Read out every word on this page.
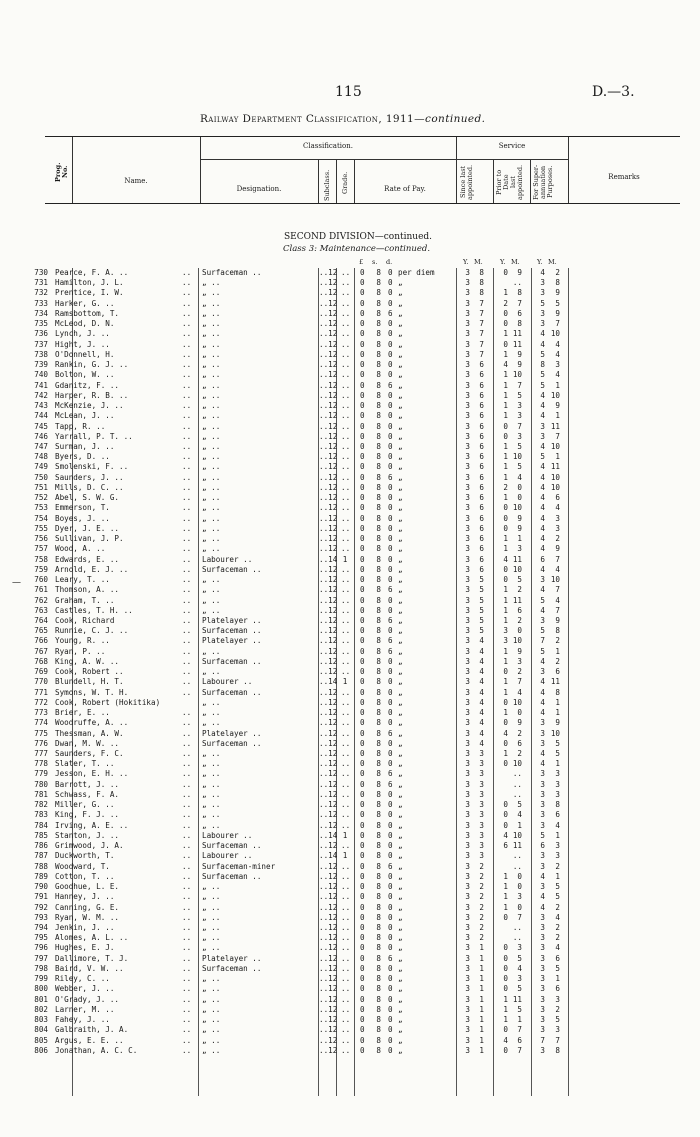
115	D.—3.
Railway Department Classification, 1911—continued.
Prog. No.
Name.
Classification.
Designation.	Subclass. Grade.	Rate of Pay.
Service
Since last
appointed.	Prior to Date
last
appointed. For Super-
annuation
Purposes.	Remarks
SECOND DIVISION—continued.
Class 3: Maintenance—continued.
£ s. d.	Y. M.	Y. M.	Y. M.
—
730 Pearce, F. A. ..	.. Surfaceman ..	..12 .. 0	8 0 per diem	3	8	0	9	4	2
731 Hamilton, J. L.	.. „ ..	..12 .. 0	8 0 „	3	8	..	3	8
732 Prentice, I. W.	.. „ ..	..12 .. 0	8 0 „	3	8	1	8	3	9
733 Harker, G. ..	.. „ ..	..12 .. 0	8 0 „	3	7	2	7	5	5
734 Ramsbottom, T.	.. „ ..	..12 .. 0	8 6 „	3	7	0	6	3	9
735 McLeod, D. N.	.. „ ..	..12 .. 0	8 0 „	3	7	0	8	3	7
736 Lynch, J. ..	.. „ ..	..12 .. 0	8 0 „	3	7	1 11	4 10
737 Hight, J. ..	.. „ ..	..12 .. 0	8 0 „	3	7	0 11	4	4
738 O'Donnell, H.	.. „ ..	..12 .. 0	8 0 „	3	7	1	9	5	4
739 Rankin, G. J. ..	.. „ ..	..12 .. 0	8 0 „	3	6	4	9	8	3
740 Bolton, W. ..	.. „ ..	..12 .. 0	8 0 „	3	6	1 10	5	4
741 Gdanitz, F. ..	.. „ ..	..12 .. 0	8 6 „	3	6	1	7	5	1
742 Harper, R. B. ..	.. „ ..	..12 .. 0	8 0 „	3	6	1	5	4 10
743 McKenzie, J. ..	.. „ ..	..12 .. 0	8 0 „	3	6	1	3	4	9
744 McLean, J. ..	.. „ ..	..12 .. 0	8 0 „	3	6	1	3	4	1
745 Tapp, R. ..	.. „ ..	..12 .. 0	8 0 „	3	6	0	7	3 11
746 Yarrall, P. T. ..	.. „ ..	..12 .. 0	8 0 „	3	6	0	3	3	7
747 Surman, J. ..	.. „ ..	..12 .. 0	8 0 „	3	6	1	5	4 10
748 Byers, D. ..	.. „ ..	..12 .. 0	8 0 „	3	6	1 10	5	1
749 Smolenski, F. ..	.. „ ..	..12 .. 0	8 0 „	3	6	1	5	4 11
750 Saunders, J. ..	.. „ ..	..12 .. 0	8 6 „	3	6	1	4	4 10
751 Mills, D. C. ..	.. „ ..	..12 .. 0	8 0 „	3	6	2	0	4 10
752 Abel, S. W. G.	.. „ ..	..12 .. 0	8 0 „	3	6	1	0	4	6
753 Emmerson, T.	.. „ ..	..12 .. 0	8 0 „	3	6	0 10	4	4
754 Boyes, J. ..	.. „ ..	..12 .. 0	8 0 „	3	6	0	9	4	3
755 Dyer, J. E. ..	.. „ ..	..12 .. 0	8 0 „	3	6	0	9	4	3
756 Sullivan, J. P.	.. „ ..	..12 .. 0	8 0 „	3	6	1	1	4	2
757 Wood, A. ..	.. „ ..	..12 .. 0	8 0 „	3	6	1	3	4	9
758 Edwards, E. ..	.. Labourer ..	..14 1 0	8 0 „	3	6	4 11	6	7
759 Arnold, E. J. ..	.. Surfaceman ..	..12 .. 0	8 0 „	3	6	0 10	4	4
760 Leary, T. ..	.. „ ..	..12 .. 0	8 0 „	3	5	0	5	3 10
761 Thomson, A. ..	.. „ ..	..12 .. 0	8 6 „	3	5	1	2	4	7
762 Graham, T. ..	.. „ ..	..12 .. 0	8 0 „	3	5	1 11	5	4
763 Castles, T. H. ..	.. „ ..	..12 .. 0	8 0 „	3	5	1	6	4	7
764 Cook, Richard	.. Platelayer ..	..12 .. 0	8 6 „	3	5	1	2	3	9
765 Runnie, C. J. ..	.. Surfaceman ..	..12 .. 0	8 0 „	3	5	3	0	5	8
766 Young, R. ..	.. Platelayer ..	..12 .. 0	8 6 „	3	4	3 10	7	2
767 Ryan, P. ..	.. „ ..	..12 .. 0	8 6 „	3	4	1	9	5	1
768 King, A. W. ..	.. Surfaceman ..	..12 .. 0	8 0 „	3	4	1	3	4	2
769 Cook, Robert ..	.. „ ..	..12 .. 0	8 0 „	3	4	0	2	3	6
770 Blundell, H. T.	.. Labourer ..	..14 1 0	8 0 „	3	4	1	7	4 11
771 Symons, W. T. H.	.. Surfaceman ..	..12 .. 0	8 0 „	3	4	1	4	4	8
772 Cook, Robert (Hokitika)	„ ..	..12 .. 0	8 0 „	3	4	0 10	4	1
773 Brier, E. ..	.. „ ..	..12 .. 0	8 0 „	3	4	1	0	4	1
774 Woodruffe, A. ..	.. „ ..	..12 .. 0	8 0 „	3	4	0	9	3	9
775 Thessman, A. W.	.. Platelayer ..	..12 .. 0	8 6 „	3	4	4	2	3 10
776 Dwan, M. W. ..	.. Surfaceman ..	..12 .. 0	8 0 „	3	4	0	6	3	5
777 Saunders, F. C.	.. „ ..	..12 .. 0	8 0 „	3	3	1	2	4	5
778 Slater, T. ..	.. „ ..	..12 .. 0	8 0 „	3	3	0 10	4	1
779 Jesson, E. H. ..	.. „ ..	..12 .. 0	8 6 „	3	3	..	3	3
780 Barrott, J. ..	.. „ ..	..12 .. 0	8 6 „	3	3	..	3	3
781 Schwass, F. A.	.. „ ..	..12 .. 0	8 0 „	3	3	..	3	3
782 Miller, G. ..	.. „ ..	..12 .. 0	8 0 „	3	3	0	5	3	8
783 King, F. J. ..	.. „ ..	..12 .. 0	8 0 „	3	3	0	4	3	6
784 Irving, A. E. ..	.. „ ..	..12 .. 0	8 0 „	3	3	0	1	3	4
785 Stanton, J. ..	.. Labourer ..	..14 1 0	8 0 „	3	3	4 10	5	1
786 Grimwood, J. A.	.. Surfaceman ..	..12 .. 0	8 0 „	3	3	6 11	6	3
787 Duckworth, T.	.. Labourer ..	..14 1 0	8 0 „	3	3	..	3	3
788 Woodward, T.	.. Surfaceman-miner	..12 .. 0	8 6 „	3	2	..	3	2
789 Cotton, T. ..	.. Surfaceman ..	..12 .. 0	8 0 „	3	2	1	0	4	1
790 Goodhue, L. E.	.. „ ..	..12 .. 0	8 0 „	3	2	1	0	3	5
791 Hanney, J. ..	.. „ ..	..12 .. 0	8 0 „	3	2	1	3	4	5
792 Canning, G. E.	.. „ ..	..12 .. 0	8 0 „	3	2	1	0	4	2
793 Ryan, W. M. ..	.. „ ..	..12 .. 0	8 0 „	3	2	0	7	3	4
794 Jenkin, J. ..	.. „ ..	..12 .. 0	8 0 „	3	2	..	3	2
795 Alomes, A. L. ..	.. „ ..	..12 .. 0	8 0 „	3	2	..	3	2
796 Hughes, E. J.	.. „ ..	..12 .. 0	8 0 „	3	1	0	3	3	4
797 Dallimore, T. J.	.. Platelayer ..	..12 .. 0	8 6 „	3	1	0	5	3	6
798 Baird, V. W. ..	.. Surfaceman ..	..12 .. 0	8 0 „	3	1	0	4	3	5
799 Riley, C. ..	.. „ ..	..12 .. 0	8 0 „	3	1	0	3	3	1
800 Webber, J. ..	.. „ ..	..12 .. 0	8 0 „	3	1	0	5	3	6
801 O'Grady, J. ..	.. „ ..	..12 .. 0	8 0 „	3	1	1 11	3	3
802 Larner, M. ..	.. „ ..	..12 .. 0	8 0 „	3	1	1	5	3	2
803 Fahey, J. ..	.. „ ..	..12 .. 0	8 0 „	3	1	1	1	3	5
804 Galbraith, J. A.	.. „ ..	..12 .. 0	8 0 „	3	1	0	7	3	3
805 Argus, E. E. ..	.. „ ..	..12 .. 0	8 0 „	3	1	4	6	7	7
806 Jonathan, A. C. C.	.. „ ..	..12 .. 0	8 0 „	3	1	0	7	3	8
